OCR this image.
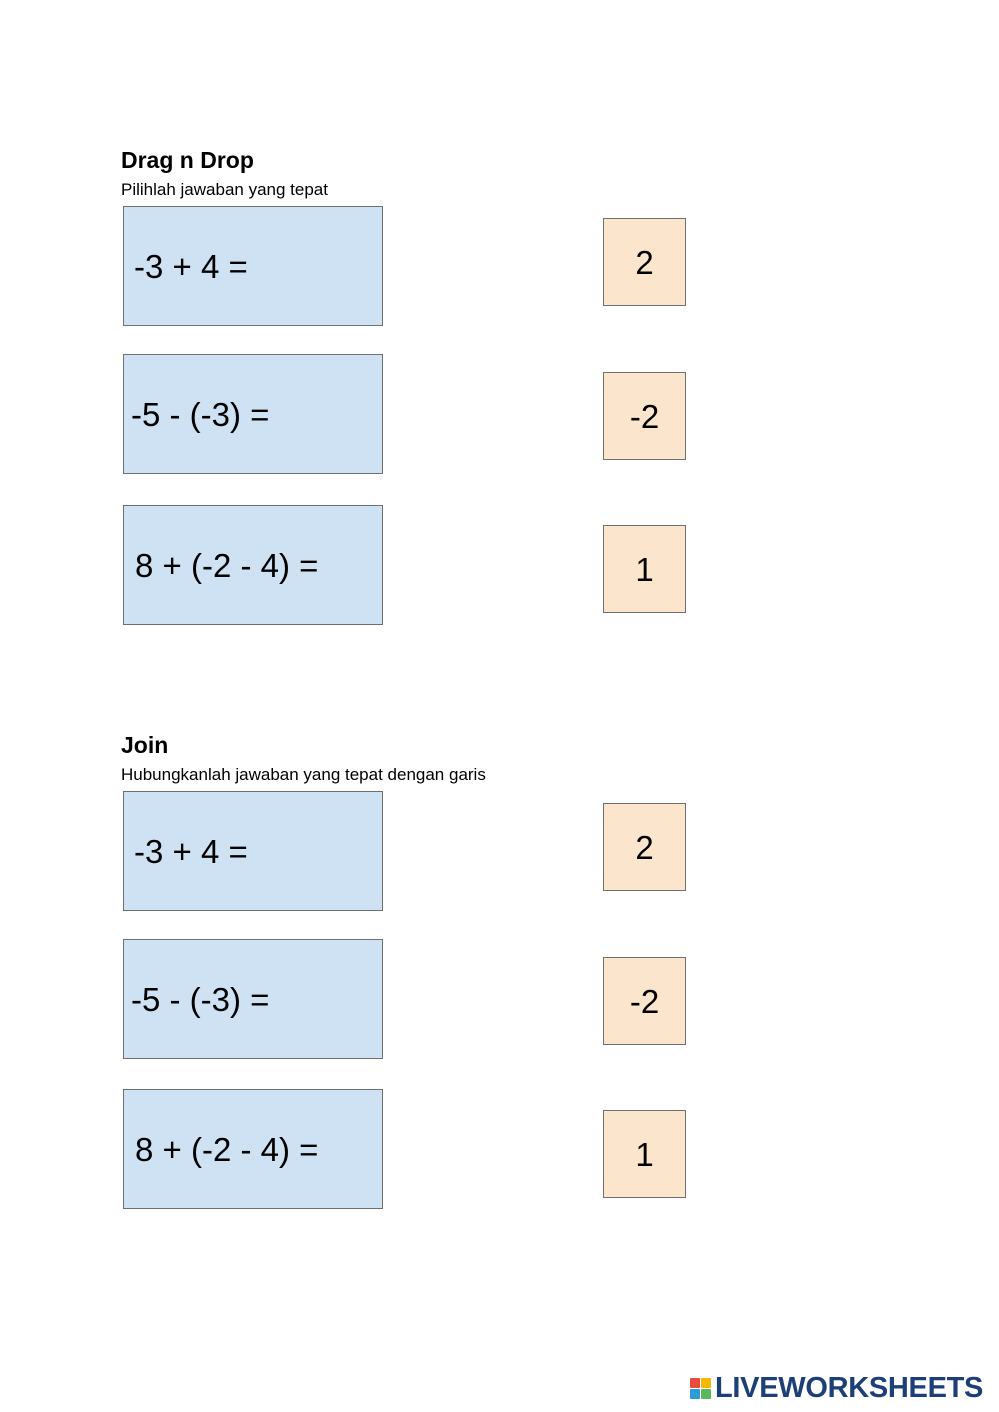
Drag n Drop

Pilihlah jawaban yang tepat

-3 + 4 =
-5 - (-3) =
8 + (-2 - 4) =
2
-2
1
Join

Hubungkanlah jawaban yang tepat dengan garis

-3 + 4 =
-5 - (-3) =
8 + (-2 - 4) =
2
-2
1
LIVEWORKSHEETS
